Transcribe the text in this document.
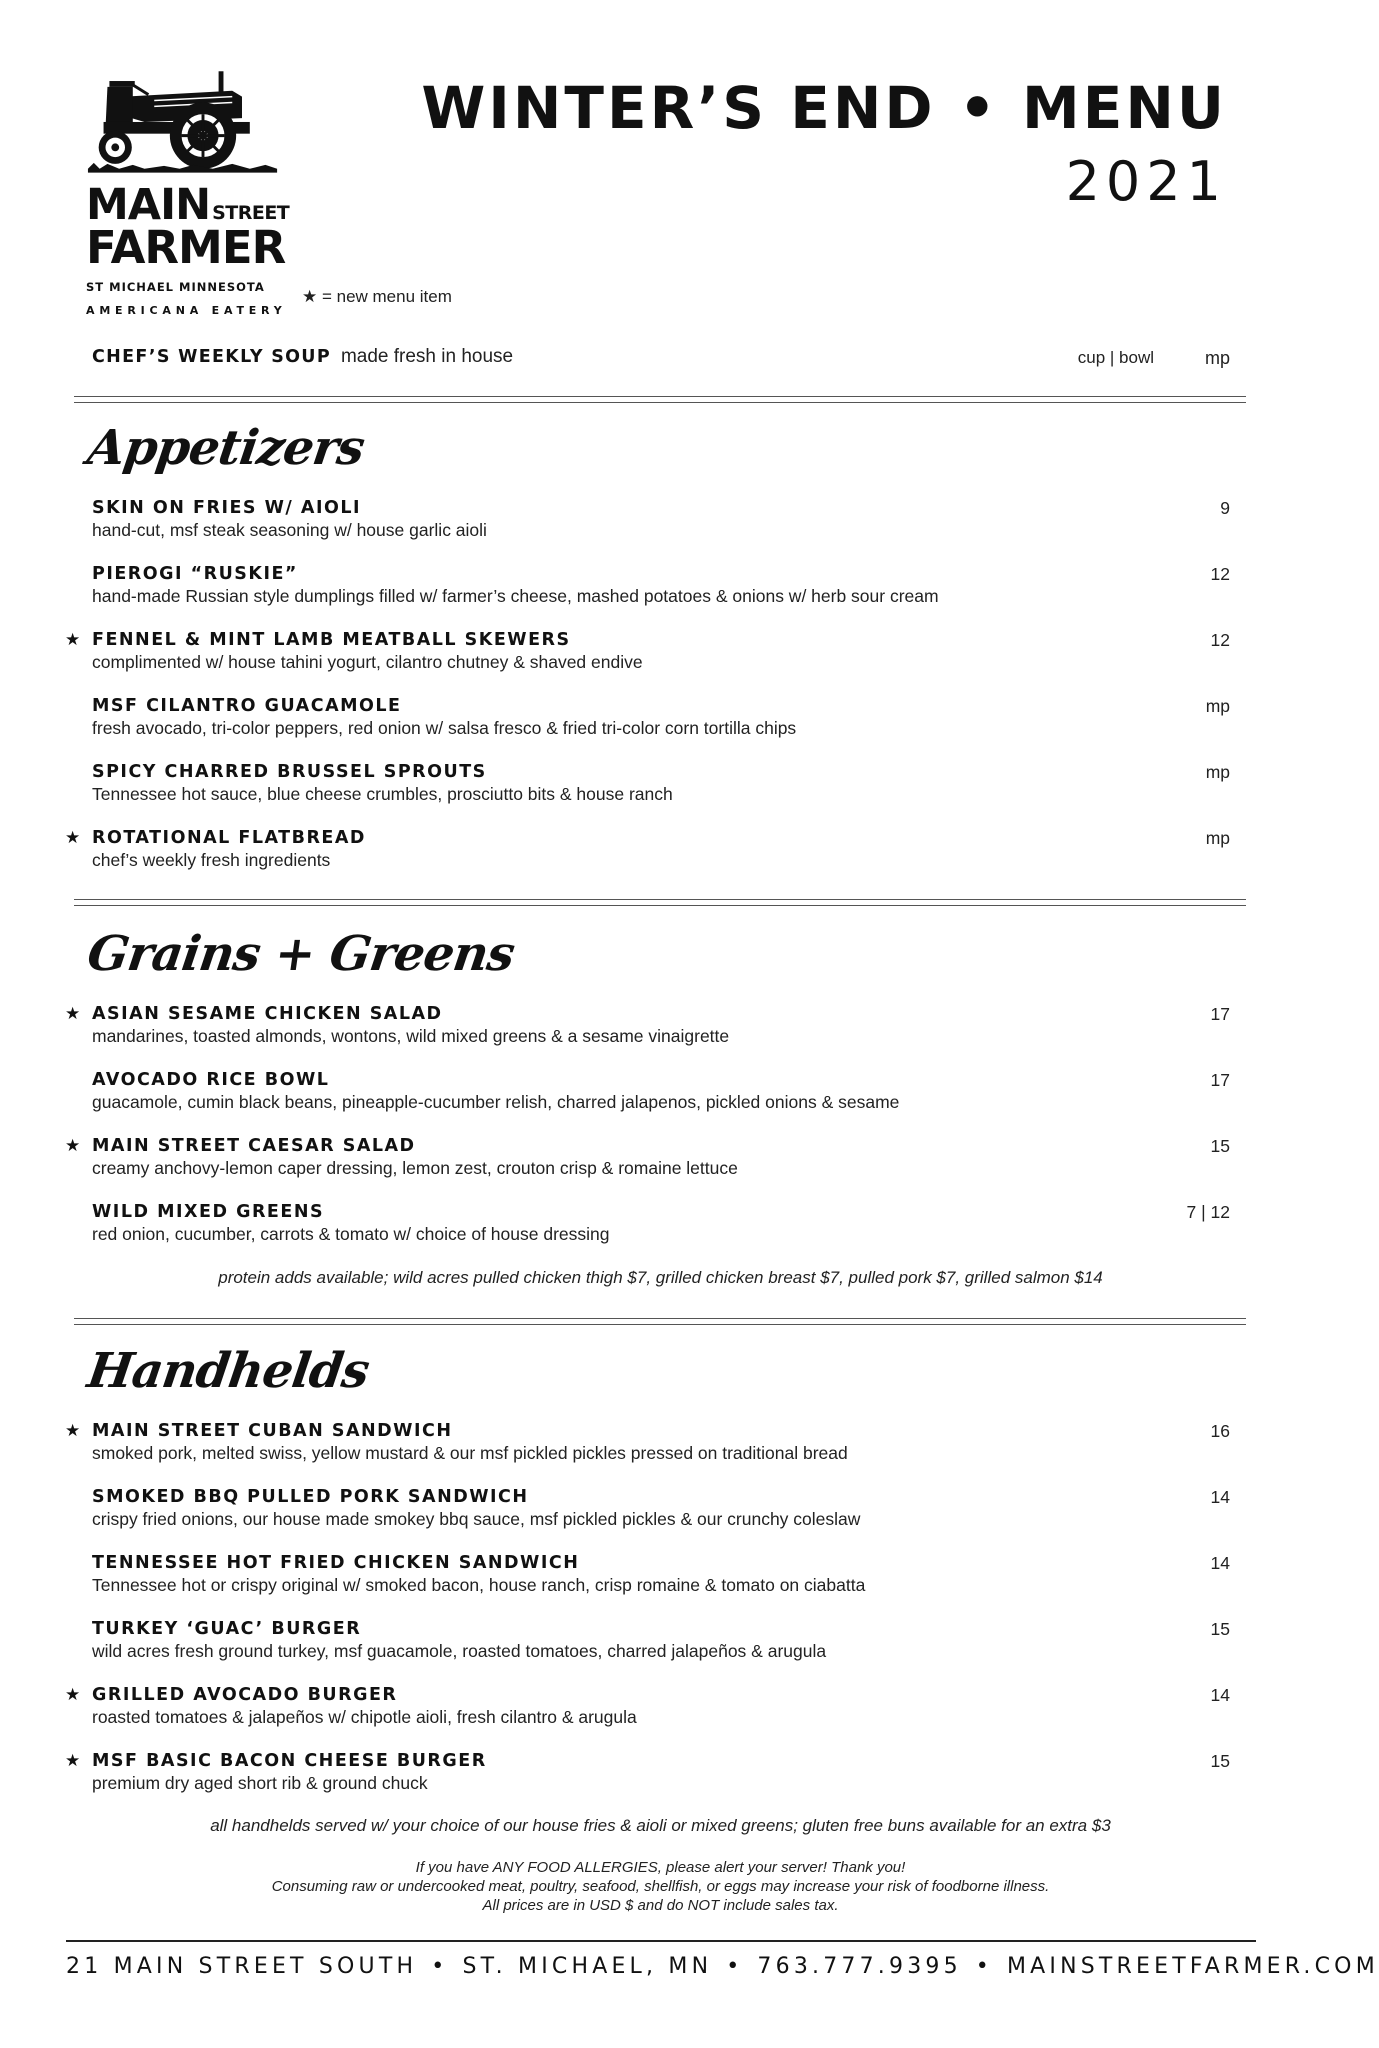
MAIN STREET
FARMER
ST MICHAEL MINNESOTA
AMERICANA EATERY
★ = new menu item
WINTER’S END • MENU
2021
CHEF’S WEEKLY SOUP made fresh in house	cup | bowl	mp
Appetizers
SKIN ON FRIES W/ AIOLI
hand-cut, msf steak seasoning w/ house garlic aioli
9
PIEROGI “RUSKIE”
hand-made Russian style dumplings filled w/ farmer’s cheese, mashed potatoes & onions w/ herb sour cream
12
★ FENNEL & MINT LAMB MEATBALL SKEWERS
complimented w/ house tahini yogurt, cilantro chutney & shaved endive
12
MSF CILANTRO GUACAMOLE
fresh avocado, tri-color peppers, red onion w/ salsa fresco & fried tri-color corn tortilla chips
mp
SPICY CHARRED BRUSSEL SPROUTS
Tennessee hot sauce, blue cheese crumbles, prosciutto bits & house ranch
mp
★ ROTATIONAL FLATBREAD
chef’s weekly fresh ingredients
mp
Grains + Greens
★ ASIAN SESAME CHICKEN SALAD
mandarines, toasted almonds, wontons, wild mixed greens & a sesame vinaigrette
17
AVOCADO RICE BOWL
guacamole, cumin black beans, pineapple-cucumber relish, charred jalapenos, pickled onions & sesame
17
★ MAIN STREET CAESAR SALAD
creamy anchovy-lemon caper dressing, lemon zest, crouton crisp & romaine lettuce
15
WILD MIXED GREENS
red onion, cucumber, carrots & tomato w/ choice of house dressing
7 | 12
protein adds available; wild acres pulled chicken thigh $7, grilled chicken breast $7, pulled pork $7, grilled salmon $14
Handhelds
★ MAIN STREET CUBAN SANDWICH
smoked pork, melted swiss, yellow mustard & our msf pickled pickles pressed on traditional bread
16
SMOKED BBQ PULLED PORK SANDWICH
crispy fried onions, our house made smokey bbq sauce, msf pickled pickles & our crunchy coleslaw
14
TENNESSEE HOT FRIED CHICKEN SANDWICH
Tennessee hot or crispy original w/ smoked bacon, house ranch, crisp romaine & tomato on ciabatta
14
TURKEY ‘GUAC’ BURGER
wild acres fresh ground turkey, msf guacamole, roasted tomatoes, charred jalapeños & arugula
15
★ GRILLED AVOCADO BURGER
roasted tomatoes & jalapeños w/ chipotle aioli, fresh cilantro & arugula
14
★ MSF BASIC BACON CHEESE BURGER
premium dry aged short rib & ground chuck
15
all handhelds served w/ your choice of our house fries & aioli or mixed greens; gluten free buns available for an extra $3
If you have ANY FOOD ALLERGIES, please alert your server! Thank you!
Consuming raw or undercooked meat, poultry, seafood, shellfish, or eggs may increase your risk of foodborne illness.
All prices are in USD $ and do NOT include sales tax.
21 MAIN STREET SOUTH • ST. MICHAEL, MN • 763.777.9395 • MAINSTREETFARMER.COM
